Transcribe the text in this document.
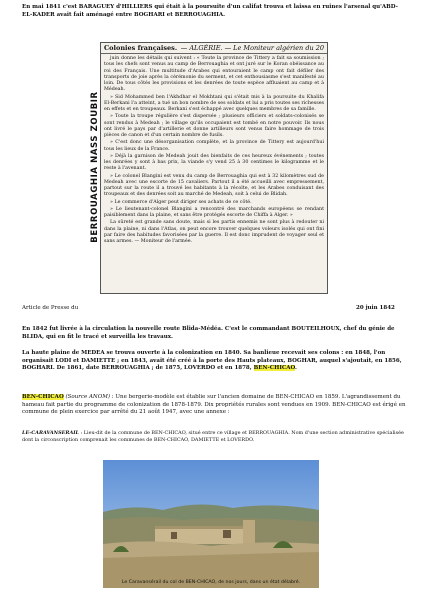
En mai 1841 c'est BARAGUEY d'HILLIERS qui était à la poursuite d'un califat trouva et laissa en ruines l'arsenal qu'ABD-EL-KADER avait fait aménagé entre BOGHARI et BERROUAGHIA.

BERROUAGHIA NASS ZOUBIR
Colonies françaises. — ALGÉRIE. — Le Moniteur algérien du 20

juin donne les détails qui suivent : « Toute la province de Tittery a fait sa soumission ; tous les chefs sont venus au camp de Berrouaghia et ont juré sur le Koran obéissance au roi des Français. Une multitude d'Arabes qui entouraient le camp ont fait défiler des transports de joie après la cérémonie du serment, et cet enthousiasme s'est manifesté au loin. De tous côtés les provisions et les denrées de toute espèce affluaient au camp et à Médeah.

» Sid Mohammed ben l'Akhdhar el Mokhtani qui s'était mis à la poursuite du Khalifa El-Berkani l'a atteint, a tué un bon nombre de ses soldats et lui a pris toutes ses richesses en effets et en troupeaux. Berkani s'est échappé avec quelques membres de sa famille.

» Toute la troupe régulière s'est dispersée ; plusieurs officiers et soldats-colonisés se sont rendus à Medeah ; le village qu'ils occupaient est tombé en notre pouvoir. Ils nous ont livré le pays par d'artillerie et donne artilleurs sont venus faire hommage de trois pièces de canon et d'un certain nombre de fusils.

» C'est donc une désorganisation complète, et la province de Tittery est aujourd'hui tous les lieux de la France.

» Déjà la garnison de Medeah jouit des bienfaits de ces heureux événements ; toutes les denrées y sont à bas prix, la viande s'y vend 25 à 30 centimes le kilogramme et le reste à l'avenant.

» Le colonel Blangini est venu du camp de Berrouaghia qui est à 32 kilomètres sud de Medeah avec une escorte de 15 cavaliers. Partout il a été accueilli avec empressement, partout sur la route il a trouvé les habitants à la récolte, et les Arabes conduisant des troupeaux et des denrées soit au marché de Medeah, soit à celui de Blidah.

» Le commerce d'Alger peut diriger ses achats de ce côté.

» Le lieutenant-colonel Blangini a rencontré des marchands européens se rendant paisiblement dans la plaine, et sans être protégés escorte de Chiffa à Alger. »

La sûreté est grande sans doute, mais si les partis ennemis ne sont plus à redouter ni dans la plaine, ni dans l'Atlas, on peut encore trouver quelques voleurs isolés qui ont fini par faire des habitudes favorisées par la guerre. Il est donc imprudent de voyager seul et sans armes. — Moniteur de l'armée.

Article de Presse du	20 juin 1842

En 1842 fut livrée à la circulation la nouvelle route Blida-Médéa. C'est le commandant BOUTEILHOUX, chef du génie de BLIDA, qui en fit le tracé et surveilla les travaux.

La haute plaine de MEDEA se trouva ouverte à la colonization en 1840. Sa banlieue recevait ses colons : en 1848, l'on organisait LODI et DAMIETTE ; en 1843, avait été créé à la porte des Hauts plateaux, BOGHAR, auquel s'ajoutait, en 1856, BOGHARI. De 1861, date BERROUAGHIA ; de 1875, LOVERDO et en 1878, BEN-CHICAO.

BEN-CHICAO (Source ANOM) : Une bergerie-modèle est établie sur l'ancien domaine de BEN-CHICAO en 1859. L'agrandissement du hameau fait partie du programme de colonization de 1878-1879. Dix propriétés rurales sont vendues en 1909. BEN-CHICAO est érigé en commune de plein exercice par arrêté du 21 août 1947, avec une annexe :

LE-CARAVANSERAIL : Lieu-dit de la commune de BEN-CHICAO, situé entre ce village et BERROUAGHIA. Nom d'une section administrative spécialisée dont la circonscription comprenait les communes de BEN-CHICAO, DAMIETTE et LOVERDO.

Le Caravansérail du col de BEN-CHICAO, de nos jours, dans un état délabré.
